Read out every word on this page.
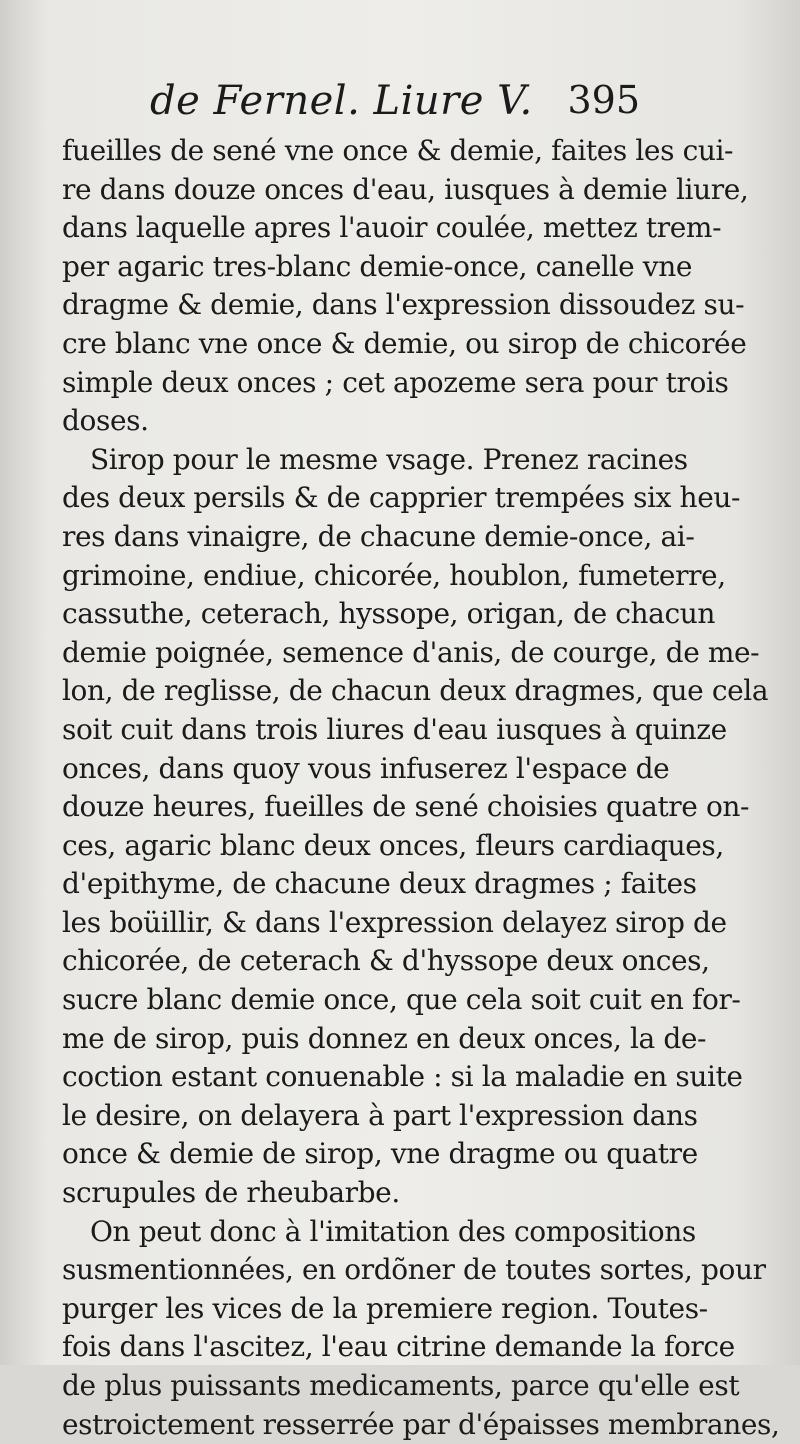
de Fernel. Liure V. 395
fueilles de sené vne once & demie, faites les cui-
re dans douze onces d'eau, iusques à demie liure,
dans laquelle apres l'auoir coulée, mettez trem-
per agaric tres-blanc demie-once, canelle vne
dragme & demie, dans l'expression dissoudez su-
cre blanc vne once & demie, ou sirop de chicorée
simple deux onces ; cet apozeme sera pour trois
doses.
Sirop pour le mesme vsage. Prenez racines
des deux persils & de capprier trempées six heu-
res dans vinaigre, de chacune demie-once, ai-
grimoine, endiue, chicorée, houblon, fumeterre,
cassuthe, ceterach, hyssope, origan, de chacun
demie poignée, semence d'anis, de courge, de me-
lon, de reglisse, de chacun deux dragmes, que cela
soit cuit dans trois liures d'eau iusques à quinze
onces, dans quoy vous infuserez l'espace de
douze heures, fueilles de sené choisies quatre on-
ces, agaric blanc deux onces, fleurs cardiaques,
d'epithyme, de chacune deux dragmes ; faites
les boüillir, & dans l'expression delayez sirop de
chicorée, de ceterach & d'hyssope deux onces,
sucre blanc demie once, que cela soit cuit en for-
me de sirop, puis donnez en deux onces, la de-
coction estant conuenable : si la maladie en suite
le desire, on delayera à part l'expression dans
once & demie de sirop, vne dragme ou quatre
scrupules de rheubarbe.
On peut donc à l'imitation des compositions
susmentionnées, en ordõner de toutes sortes, pour
purger les vices de la premiere region. Toutes-
fois dans l'ascitez, l'eau citrine demande la force
de plus puissants medicaments, parce qu'elle est
estroictement resserrée par d'épaisses membranes,
